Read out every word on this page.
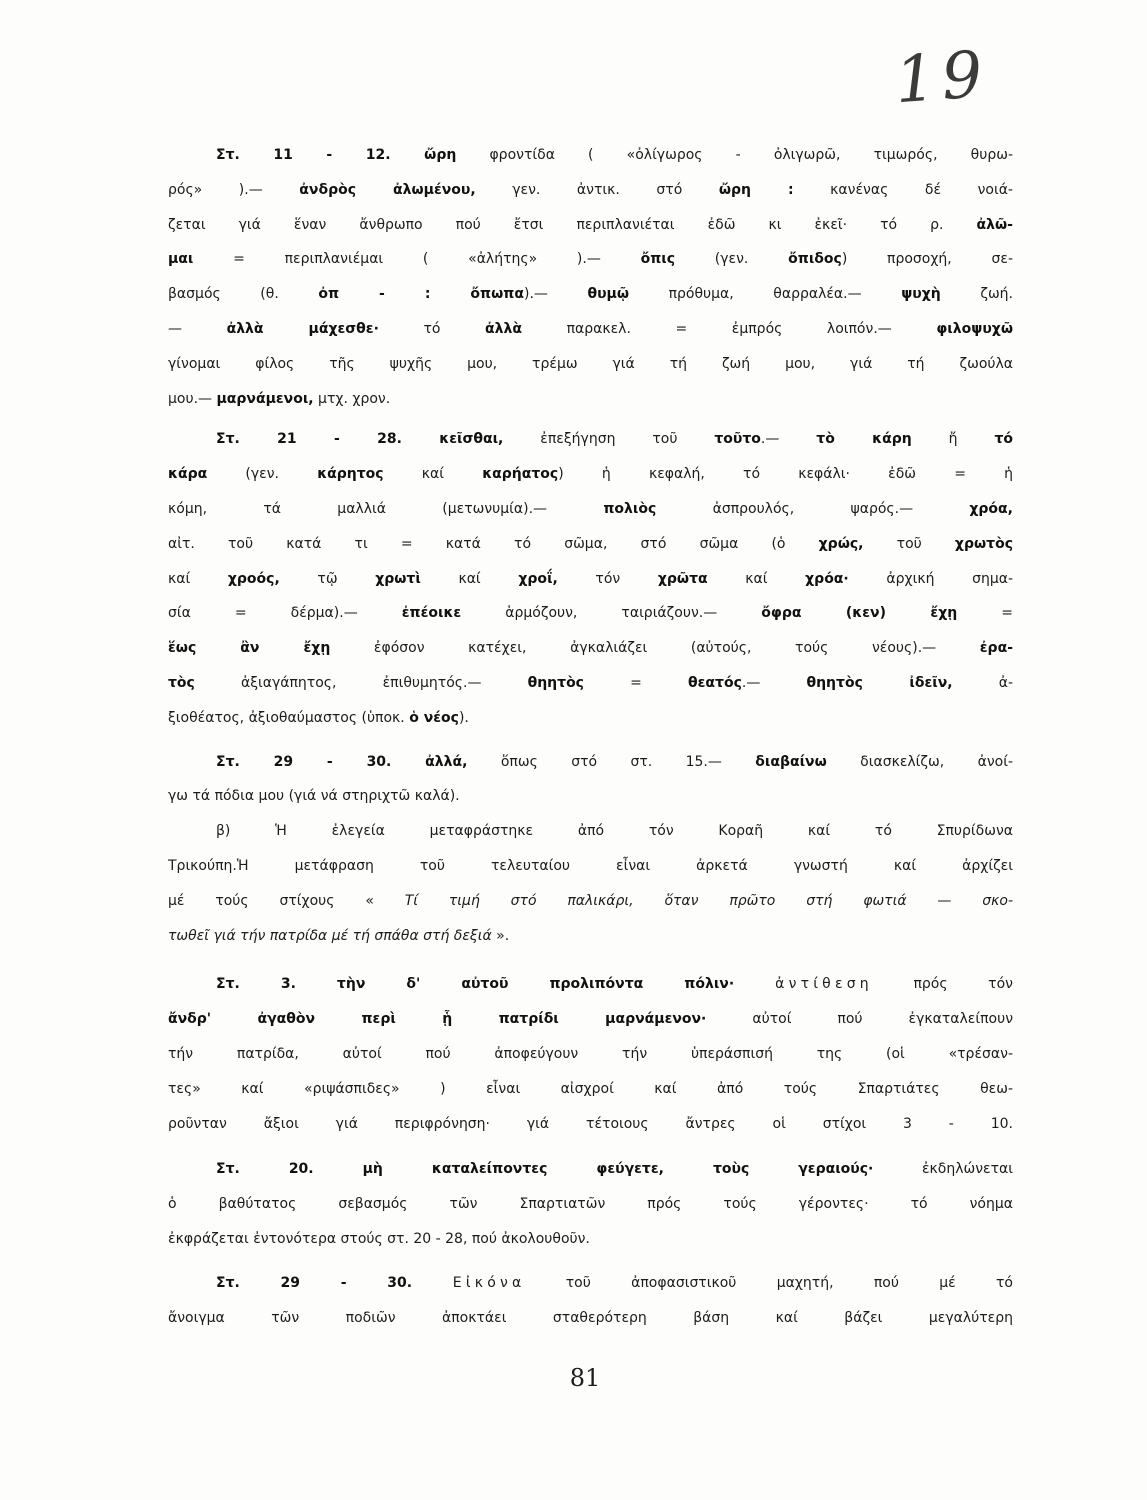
19
Στ. 11 - 12. ὤρη φροντίδα ( «ὀλίγωρος - ὀλιγωρῶ, τιμωρός, θυρω-
ρός» ).— ἀνδρὸς ἀλωμένου, γεν. ἀντικ. στό ὤρη : κανένας δέ νοιά-
ζεται γιά ἕναν ἄνθρωπο πού ἔτσι περιπλανιέται ἐδῶ κι ἐκεῖ· τό ρ. ἀλῶ-
μαι = περιπλανιέμαι ( «ἀλήτης» ).— ὄπις (γεν. ὄπιδος) προσοχή, σε-
βασμός (θ. ὀπ - : ὄπωπα).— θυμῷ πρόθυμα, θαρραλέα.— ψυχὴ ζωή.
— ἀλλὰ μάχεσθε· τό ἀλλὰ παρακελ. = ἐμπρός λοιπόν.— φιλοψυχῶ
γίνομαι φίλος τῆς ψυχῆς μου, τρέμω γιά τή ζωή μου, γιά τή ζωούλα
μου.— μαρνάμενοι, μτχ. χρον.
Στ. 21 - 28. κεῖσθαι, ἐπεξήγηση τοῦ τοῦτο.— τὸ κάρη ἤ τό
κάρα (γεν. κάρητος καί καρήατος) ἡ κεφαλή, τό κεφάλι· ἐδῶ = ἡ
κόμη, τά μαλλιά (μετωνυμία).— πολιὸς ἀσπρουλός, ψαρός.— χρόα,
αἰτ. τοῦ κατά τι = κατά τό σῶμα, στό σῶμα (ὁ χρώς, τοῦ χρωτὸς
καί χροός, τῷ χρωτὶ καί χροΐ, τόν χρῶτα καί χρόα· ἀρχική σημα-
σία = δέρμα).— ἐπέοικε ἁρμόζουν, ταιριάζουν.— ὄφρα (κεν) ἔχῃ =
ἕως ἂν ἔχῃ ἐφόσον κατέχει, ἀγκαλιάζει (αὐτούς, τούς νέους).— ἐρα-
τὸς ἀξιαγάπητος, ἐπιθυμητός.— θηητὸς = θεατός.— θηητὸς ἰδεῖν, ἀ-
ξιοθέατος, ἀξιοθαύμαστος (ὑποκ. ὁ νέος).
Στ. 29 - 30. ἀλλά, ὅπως στό στ. 15.— διαβαίνω διασκελίζω, ἀνοί-
γω τά πόδια μου (γιά νά στηριχτῶ καλά).
β) Ἡ ἐλεγεία μεταφράστηκε ἀπό τόν Κοραῆ καί τό Σπυρίδωνα
Τρικούπη.Ἡ μετάφραση τοῦ τελευταίου εἶναι ἀρκετά γνωστή καί ἀρχίζει
μέ τούς στίχους « Τί τιμή στό παλικάρι, ὅταν πρῶτο στή φωτιά — σκο-
τωθεῖ γιά τήν πατρίδα μέ τή σπάθα στή δεξιά ».
Στ. 3. τὴν δ' αὐτοῦ προλιπόντα πόλιν· ἀντίθεση πρός τόν
ἄνδρ' ἀγαθὸν περὶ ᾗ πατρίδι μαρνάμενον· αὐτοί πού ἐγκαταλείπουν
τήν πατρίδα, αὐτοί πού ἀποφεύγουν τήν ὑπεράσπισή της (οἱ «τρέσαν-
τες» καί «ριψάσπιδες» ) εἶναι αἰσχροί καί ἀπό τούς Σπαρτιάτες θεω-
ροῦνταν ἄξιοι γιά περιφρόνηση· γιά τέτοιους ἄντρες οἱ στίχοι 3 - 10.
Στ. 20. μὴ καταλείποντες φεύγετε, τοὺς γεραιούς· ἐκδηλώνεται
ὁ βαθύτατος σεβασμός τῶν Σπαρτιατῶν πρός τούς γέροντες· τό νόημα
ἐκφράζεται ἐντονότερα στούς στ. 20 - 28, πού ἀκολουθοῦν.
Στ. 29 - 30. Εἰκόνα τοῦ ἀποφασιστικοῦ μαχητή, πού μέ τό
ἄνοιγμα τῶν ποδιῶν ἀποκτάει σταθερότερη βάση καί βάζει μεγαλύτερη
81
